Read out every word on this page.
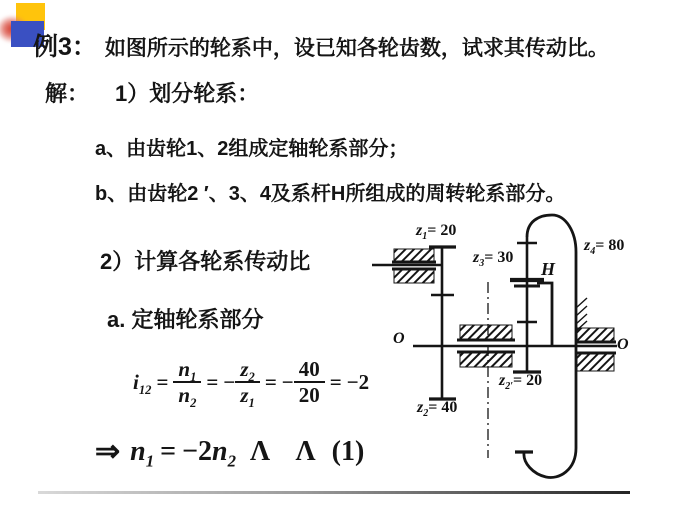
例3： 如图所示的轮系中，设已知各轮齿数，试求其传动比。
解： 1）划分轮系：
a、由齿轮1、2组成定轴轮系部分；
b、由齿轮2 ′、3、4及系杆H所组成的周转轮系部分。
2）计算各轮系传动比
a. 定轴轮系部分
$i_{12} = \frac{n_1}{n_2}$ = − $\frac{z_2}{z_1}$ = − $\frac{40}{20} = -2$
⇒ $n_1 = -2n_2$ Λ Λ (1)
$z_1= 20$
$z_3= 30$
$z_4= 80$
$z_{2'}= 20$
$z_2= 40$
H
O	O
